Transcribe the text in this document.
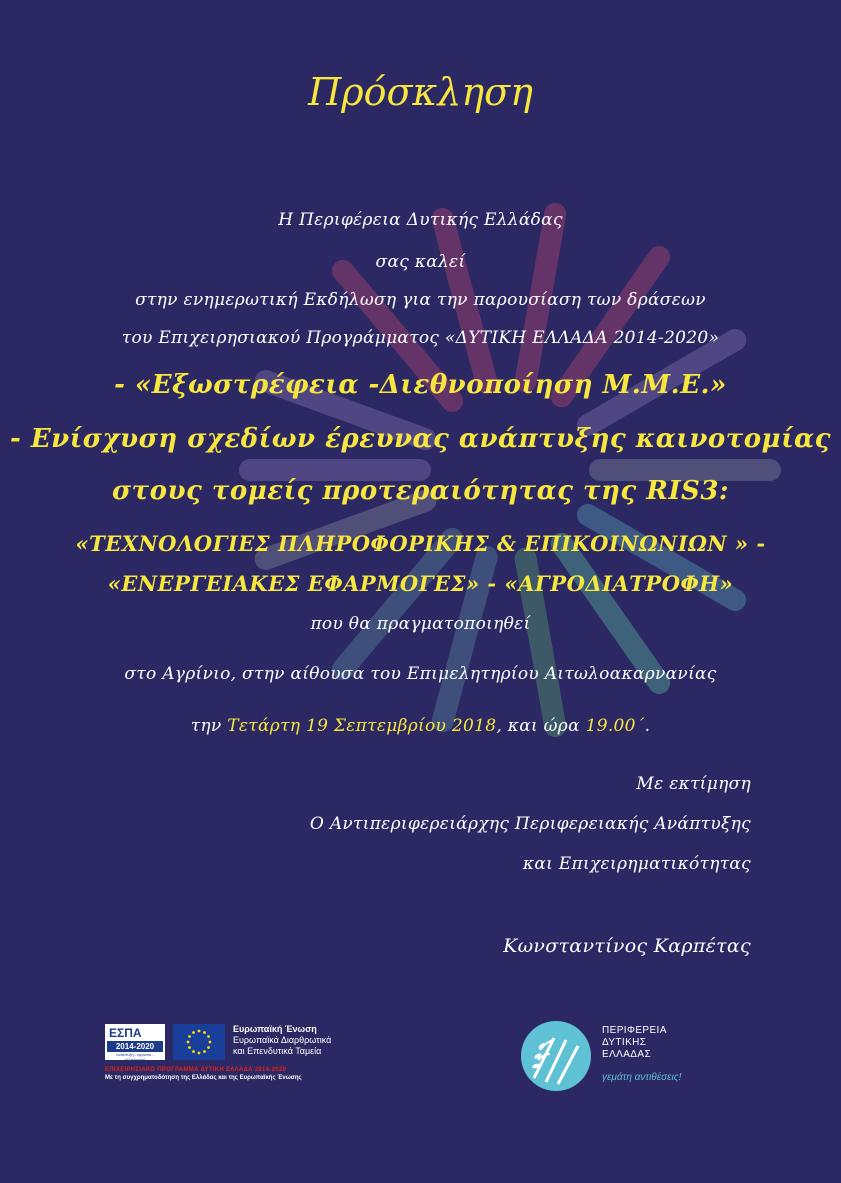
Πρόσκληση
Η Περιφέρεια Δυτικής Ελλάδας
σας καλεί
στην ενημερωτική Εκδήλωση για την παρουσίαση των δράσεων
του Επιχειρησιακού Προγράμματος «ΔΥΤΙΚΗ ΕΛΛΑΔΑ 2014-2020»
- «Εξωστρέφεια -Διεθνοποίηση Μ.Μ.Ε.»
- Ενίσχυση σχεδίων έρευνας ανάπτυξης καινοτομίας
στους τομείς προτεραιότητας της RIS3:
«ΤΕΧΝΟΛΟΓΙΕΣ ΠΛΗΡΟΦΟΡΙΚΗΣ & ΕΠΙΚΟΙΝΩΝΙΩΝ » -
«ΕΝΕΡΓΕΙΑΚΕΣ ΕΦΑΡΜΟΓΕΣ» - «ΑΓΡΟΔΙΑΤΡΟΦΗ»
που θα πραγματοποιηθεί
στο Αγρίνιο, στην αίθουσα του Επιμελητηρίου Αιτωλοακαρνανίας
την Τετάρτη 19 Σεπτεμβρίου 2018, και ώρα 19.00΄.
Με εκτίμηση
Ο Αντιπεριφερειάρχης Περιφερειακής Ανάπτυξης
και Επιχειρηματικότητας
Κωνσταντίνος Καρπέτας
ΕΣΠΑ
2014-2020
ανάπτυξη - εργασία - αλληλεγγύη
Ευρωπαϊκή Ένωση
Ευρωπαϊκά Διαρθρωτικά
και Επενδυτικά Ταμεία
ΕΠΙΧΕΙΡΗΣΙΑΚΟ ΠΡΟΓΡΑΜΜΑ ΔΥΤΙΚΗ ΕΛΛΑΔΑ 2014-2020
Με τη συγχρηματοδότηση της Ελλάδας και της Ευρωπαϊκής Ένωσης
ΠΕΡΙΦΕΡΕΙΑ
ΔΥΤΙΚΗΣ
ΕΛΛΑΔΑΣ
γεμάτη αντιθέσεις!
